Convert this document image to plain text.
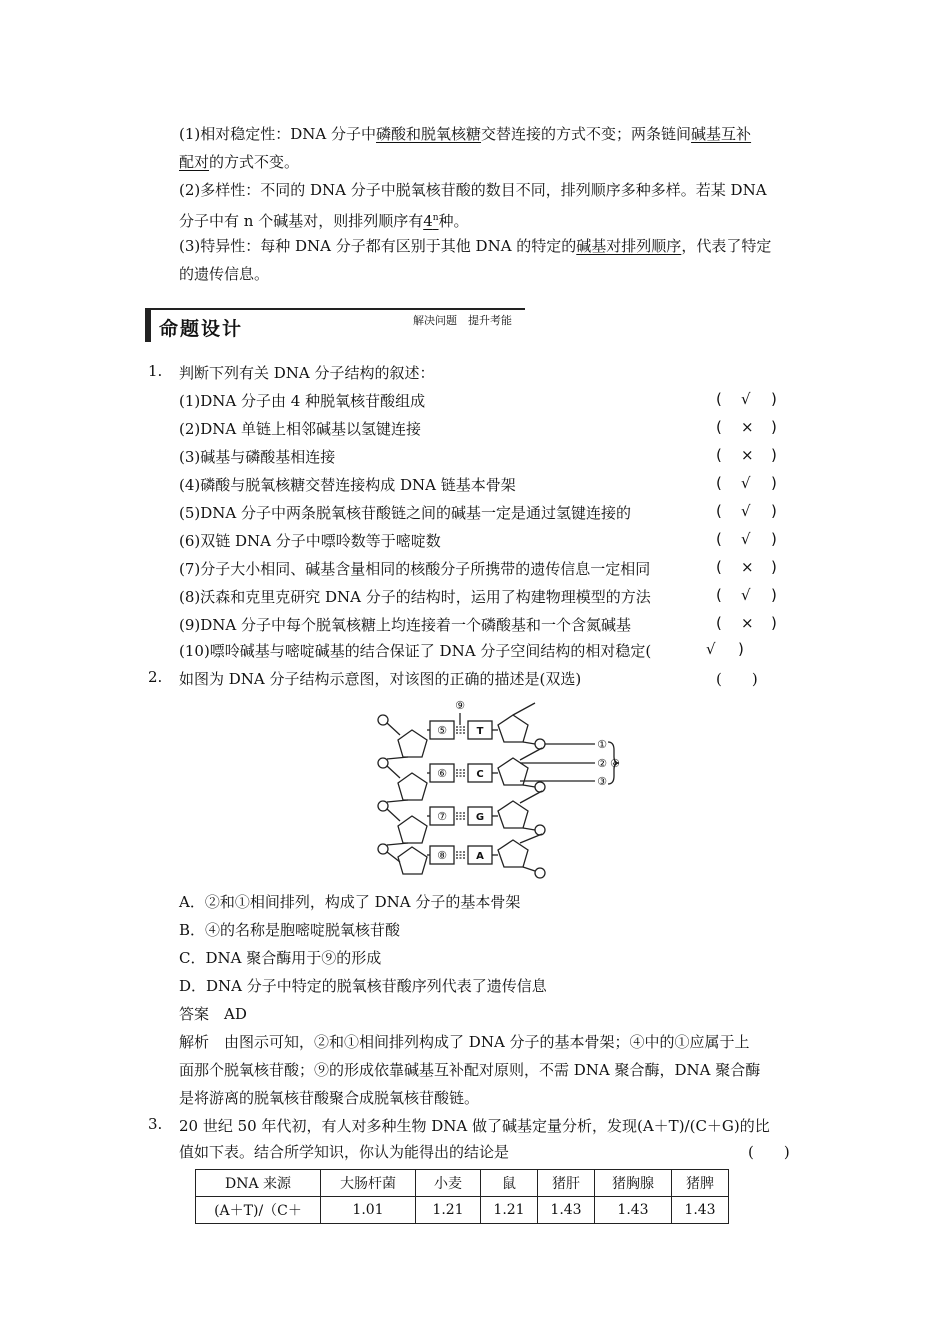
(1)相对稳定性：DNA 分子中磷酸和脱氧核糖交替连接的方式不变；两条链间碱基互补
配对的方式不变。
(2)多样性：不同的 DNA 分子中脱氧核苷酸的数目不同，排列顺序多种多样。若某 DNA
分子中有 n 个碱基对，则排列顺序有4$^n$种。
(3)特异性：每种 DNA 分子都有区别于其他 DNA 的特定的碱基对排列顺序，代表了特定
的遗传信息。
命题设计	解决问题　提升考能
1. 判断下列有关 DNA 分子结构的叙述：
(1)DNA 分子由 4 种脱氧核苷酸组成	( √ )
(2)DNA 单链上相邻碱基以氢键连接	( × )
(3)碱基与磷酸基相连接	( × )
(4)磷酸与脱氧核糖交替连接构成 DNA 链基本骨架	( √ )
(5)DNA 分子中两条脱氧核苷酸链之间的碱基一定是通过氢键连接的	( √ )
(6)双链 DNA 分子中嘌呤数等于嘧啶数	( √ )
(7)分子大小相同、碱基含量相同的核酸分子所携带的遗传信息一定相同	( × )
(8)沃森和克里克研究 DNA 分子的结构时，运用了构建物理模型的方法	( √ )
(9)DNA 分子中每个脱氧核糖上均连接着一个磷酸基和一个含氮碱基	( × )
(10)嘌呤碱基与嘧啶碱基的结合保证了 DNA 分子空间结构的相对稳定(	√ )
2. 如图为 DNA 分子结构示意图，对该图的正确的描述是(双选)	(　　)
⑤
⑥
⑦
⑧
T
C
G
A
⑨
①
②
③
④
A．②和①相间排列，构成了 DNA 分子的基本骨架
B．④的名称是胞嘧啶脱氧核苷酸
C．DNA 聚合酶用于⑨的形成
D．DNA 分子中特定的脱氧核苷酸序列代表了遗传信息
答案　 AD
解析　 由图示可知，②和①相间排列构成了 DNA 分子的基本骨架；④中的①应属于上
面那个脱氧核苷酸；⑨的形成依靠碱基互补配对原则，不需 DNA 聚合酶，DNA 聚合酶
是将游离的脱氧核苷酸聚合成脱氧核苷酸链。
3. 20 世纪 50 年代初，有人对多种生物 DNA 做了碱基定量分析，发现(A＋T)/(C＋G)的比
值如下表。结合所学知识，你认为能得出的结论是	(　　)
DNA 来源	大肠杆菌	小麦	鼠	猪肝	猪胸腺	猪脾
(A＋T)/（C＋	1.01	1.21	1.21	1.43	1.43	1.43
